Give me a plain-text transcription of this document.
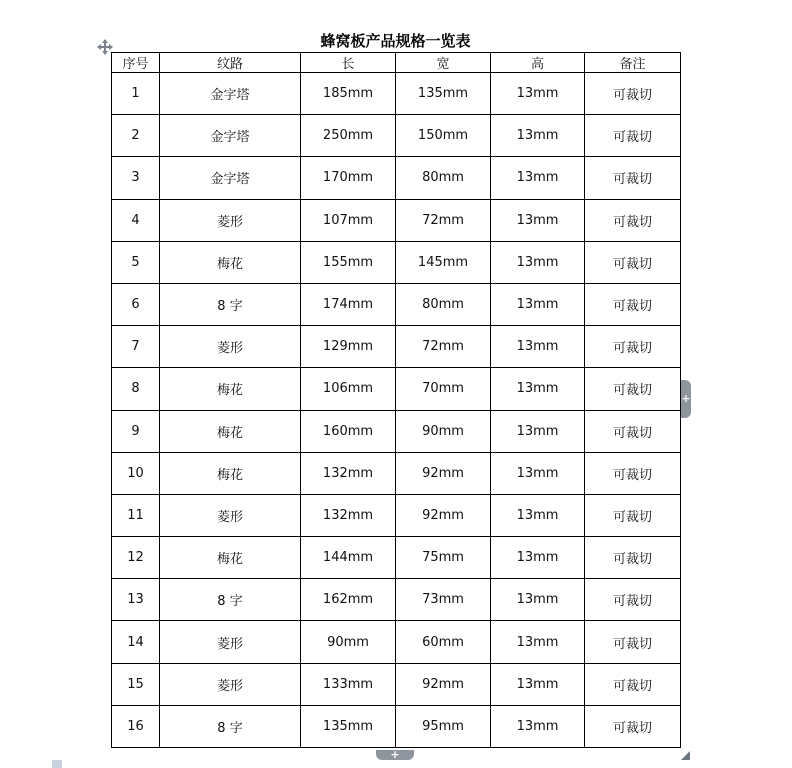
蜂窝板产品规格一览表
序号	纹路	长	宽	高	备注
1	金字塔	185mm	135mm	13mm	可裁切
2	金字塔	250mm	150mm	13mm	可裁切
3	金字塔	170mm	80mm	13mm	可裁切
4	菱形	107mm	72mm	13mm	可裁切
5	梅花	155mm	145mm	13mm	可裁切
6	8 字	174mm	80mm	13mm	可裁切
7	菱形	129mm	72mm	13mm	可裁切
8	梅花	106mm	70mm	13mm	可裁切
9	梅花	160mm	90mm	13mm	可裁切
10	梅花	132mm	92mm	13mm	可裁切
11	菱形	132mm	92mm	13mm	可裁切
12	梅花	144mm	75mm	13mm	可裁切
13	8 字	162mm	73mm	13mm	可裁切
14	菱形	90mm	60mm	13mm	可裁切
15	菱形	133mm	92mm	13mm	可裁切
16	8 字	135mm	95mm	13mm	可裁切
+
+
